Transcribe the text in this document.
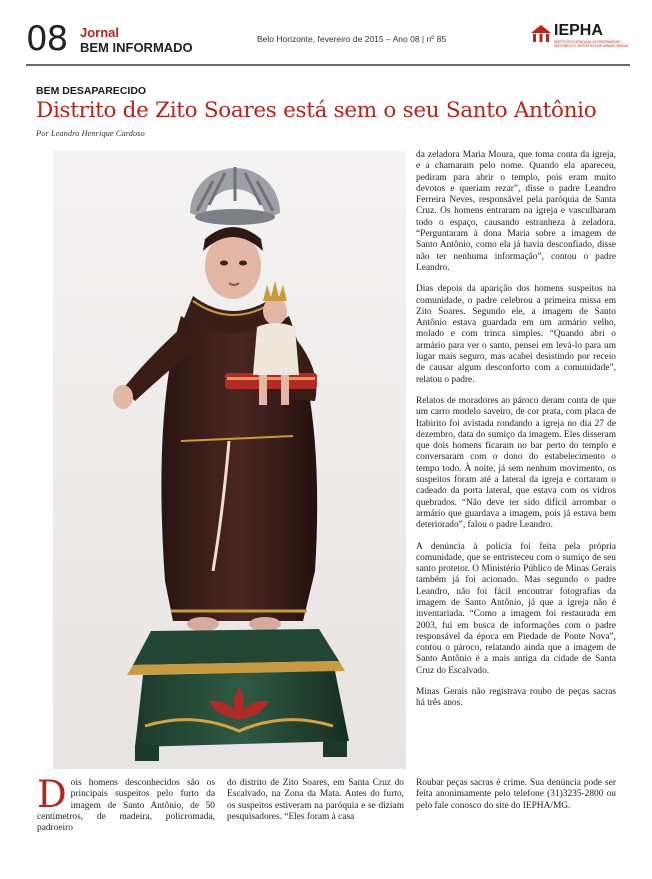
08 Jornal
BEM INFORMADO
Belo Horizonte, fevereiro de 2015 – Ano 08 | nº 85	IEPHA
INSTITUTO ESTADUAL DO PATRIMÔNIO HISTÓRICO E ARTÍSTICO DE MINAS GERAIS
BEM DESAPARECIDO
Distrito de Zito Soares está sem o seu Santo Antônio
Por Leandro Henrique Cardoso

da zeladora Maria Moura, que toma conta da igreja, e a chamaram pelo nome. Quando ela apareceu, pediram para abrir o templo, pois eram muito devotos e queriam rezar”, disse o padre Leandro Ferreira Neves, responsável pela paróquia de Santa Cruz. Os homens entraram na igreja e vasculharam todo o espaço, causando estranheza à zeladora. “Perguntaram à dona Maria sobre a imagem de Santo Antônio, como ela já havia desconfiado, disse não ter nenhuma informação”, contou o padre Leandro.

Dias depois da aparição dos homens suspeitos na comunidade, o padre celebrou a primeira missa em Zito Soares. Segundo ele, a imagem de Santo Antônio estava guardada em um armário velho, molado e com trinca simples. “Quando abri o armário para ver o santo, pensei em levá-lo para um lugar mais seguro, mas acabei desistindo por receio de causar algum desconforto com a comunidade”, relatou o padre.

Relatos de moradores ao pároco deram conta de que um carro modelo saveiro, de cor prata, com placa de Itabirito foi avistada rondando a igreja no dia 27 de dezembro, data do sumiço da imagem. Eles disseram que dois homens ficaram no bar perto do templo e conversaram com o dono do estabelecimento o tempo todo. À noite, já sem nenhum movimento, os suspeitos foram até a lateral da igreja e cortaram o cadeado da porta lateral, que estava com os vidros quebrados. “Não deve ter sido difícil arrombar o armário que guardava a imagem, pois já estava bem deteriorado”, falou o padre Leandro.

A denúncia à polícia foi feita pela própria comunidade, que se entristeceu com o sumiço de seu santo protetor. O Ministério Público de Minas Gerais também já foi acionado. Mas segundo o padre Leandro, não foi fácil encontrar fotografias da imagem de Santo Antônio, já que a igreja não é inventariada. “Como a imagem foi restaurada em 2003, fui em busca de informações com o padre responsável da época em Piedade de Ponte Nova”, contou o pároco, relatando ainda que a imagem de Santo Antônio é a mais antiga da cidade de Santa Cruz do Escalvado.

Minas Gerais não registrava roubo de peças sacras há três anos.

Dois homens desconhecidos são os principais suspeitos pelo furto da imagem de Santo Antônio, de 50 centímetros, de madeira, policromada, padroeiro
do distrito de Zito Soares, em Santa Cruz do Escalvado, na Zona da Mata. Antes do furto, os suspeitos estiveram na paróquia e se diziam pesquisadores. “Eles foram à casa
Roubar peças sacras é crime. Sua denúncia pode ser feita anonimamente pelo telefone (31)3235-2800 ou pelo fale conosco do site do IEPHA/MG.
